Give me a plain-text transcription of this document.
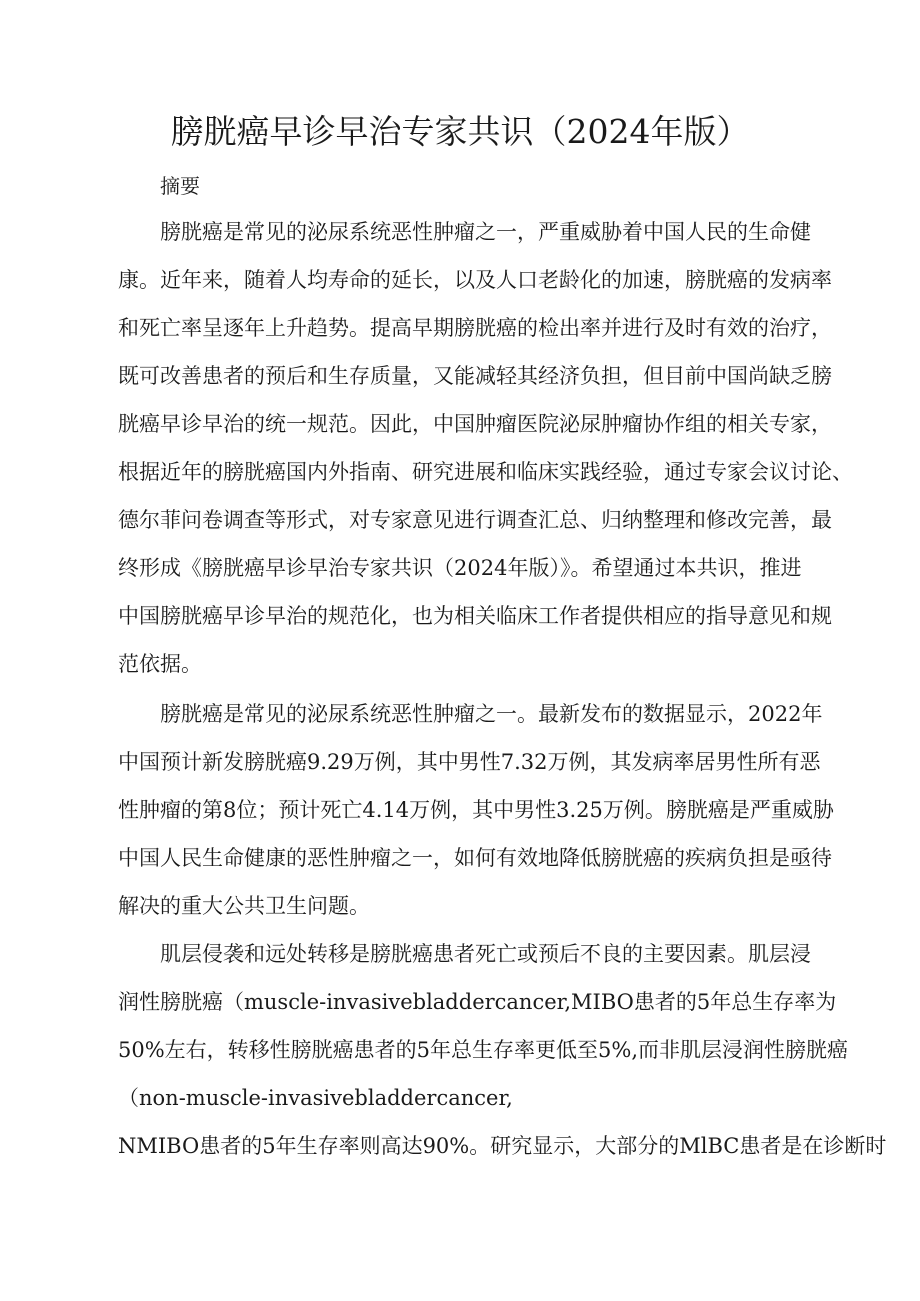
膀胱癌早诊早治专家共识（2024年版）

摘要

膀胱癌是常见的泌尿系统恶性肿瘤之一，严重威胁着中国人民的生命健

康。近年来，随着人均寿命的延长，以及人口老龄化的加速，膀胱癌的发病率

和死亡率呈逐年上升趋势。提高早期膀胱癌的检出率并进行及时有效的治疗，

既可改善患者的预后和生存质量，又能减轻其经济负担，但目前中国尚缺乏膀

胱癌早诊早治的统一规范。因此，中国肿瘤医院泌尿肿瘤协作组的相关专家，

根据近年的膀胱癌国内外指南、研究进展和临床实践经验，通过专家会议讨论、

德尔菲问卷调查等形式，对专家意见进行调查汇总、归纳整理和修改完善，最

终形成《膀胱癌早诊早治专家共识（2024年版）》。希望通过本共识，推进

中国膀胱癌早诊早治的规范化，也为相关临床工作者提供相应的指导意见和规

范依据。

膀胱癌是常见的泌尿系统恶性肿瘤之一。最新发布的数据显示，2022年

中国预计新发膀胱癌9.29万例，其中男性7.32万例，其发病率居男性所有恶

性肿瘤的第8位；预计死亡4.14万例，其中男性3.25万例。膀胱癌是严重威胁

中国人民生命健康的恶性肿瘤之一，如何有效地降低膀胱癌的疾病负担是亟待

解决的重大公共卫生问题。

肌层侵袭和远处转移是膀胱癌患者死亡或预后不良的主要因素。肌层浸

润性膀胱癌（muscle-invasivebladdercancer,MIBO患者的5年总生存率为

50%左右，转移性膀胱癌患者的5年总生存率更低至5%,而非肌层浸润性膀胱癌

（non-muscle-invasivebladdercancer,

NMIBO患者的5年生存率则高达90%。研究显示，大部分的MlBC患者是在诊断时
